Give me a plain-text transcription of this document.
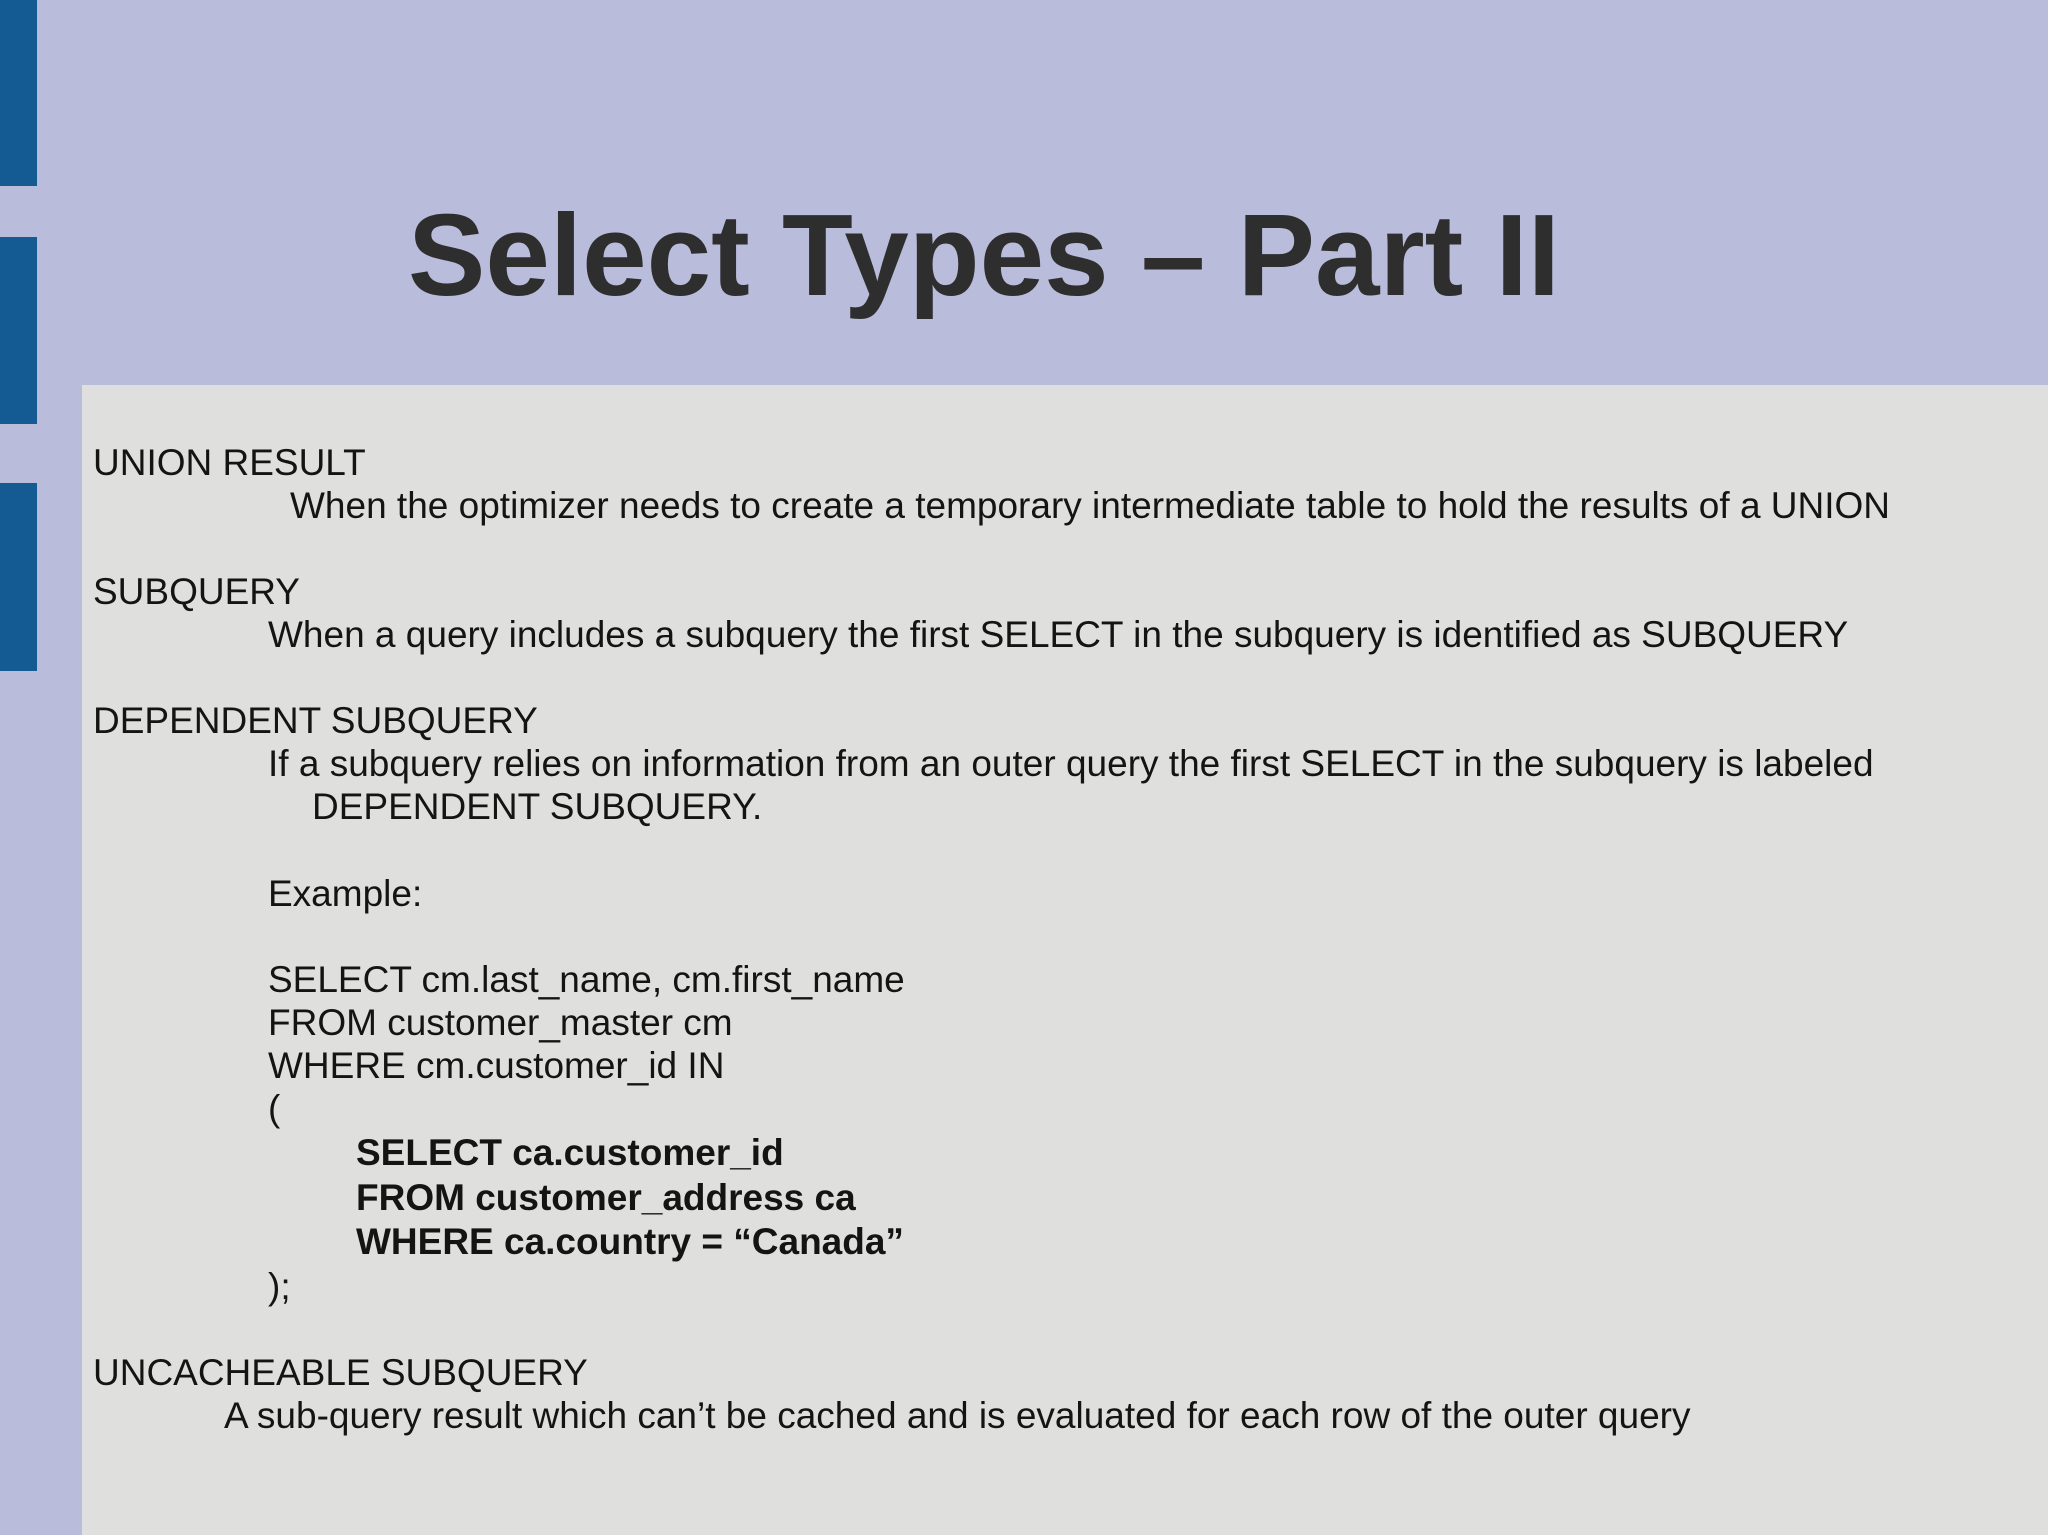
Select Types – Part II

UNION RESULT

When the optimizer needs to create a temporary intermediate table to hold the results of a UNION

SUBQUERY

When a query includes a subquery the first SELECT in the subquery is identified as SUBQUERY

DEPENDENT SUBQUERY

If a subquery relies on information from an outer query the first SELECT in the subquery is labeled

DEPENDENT SUBQUERY.

Example:

SELECT cm.last_name, cm.first_name

FROM customer_master cm

WHERE cm.customer_id IN

(

SELECT ca.customer_id

FROM customer_address ca

WHERE ca.country = “Canada”

);

UNCACHEABLE SUBQUERY

A sub-query result which can’t be cached and is evaluated for each row of the outer query
